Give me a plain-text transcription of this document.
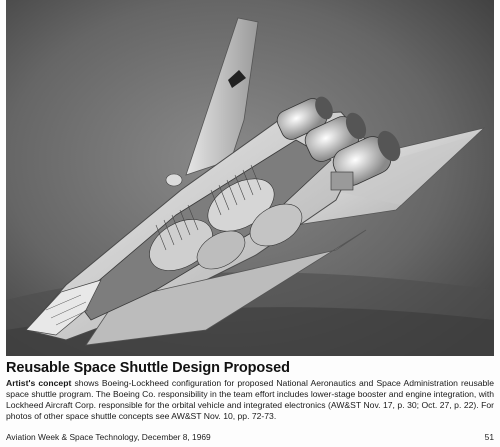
Reusable Space Shuttle Design Proposed
Artist's concept shows Boeing-Lockheed configuration for proposed National Aeronautics and Space Administration reusable space shuttle program. The Boeing Co. responsibility in the team effort includes lower-stage booster and engine integration, with Lockheed Aircraft Corp. responsible for the orbital vehicle and integrated electronics (AW&ST Nov. 17, p. 30; Oct. 27, p. 22). For photos of other space shuttle concepts see AW&ST Nov. 10, pp. 72-73.
Aviation Week & Space Technology, December 8, 1969	51
